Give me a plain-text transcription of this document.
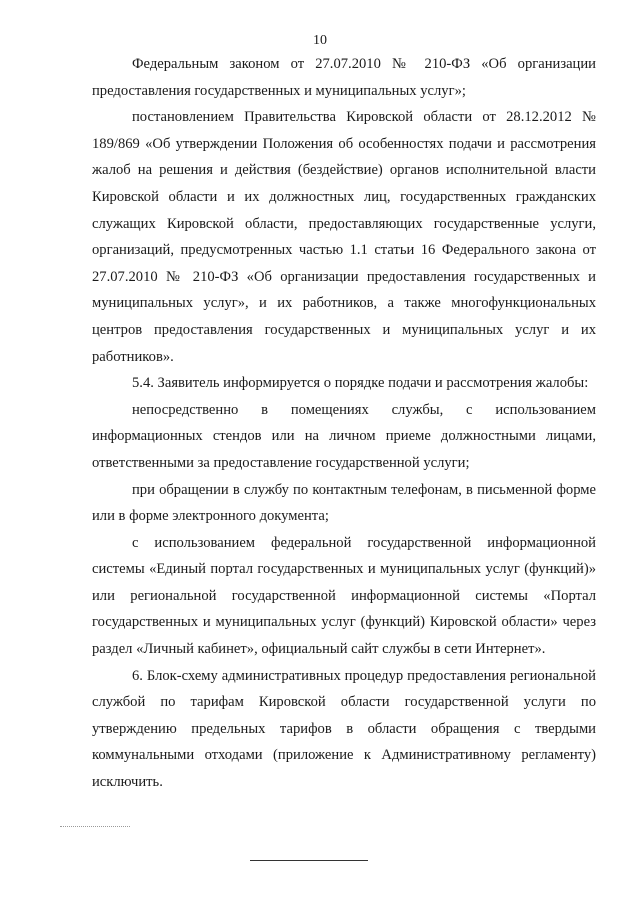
10

Федеральным законом от 27.07.2010 № 210-ФЗ «Об организации предоставления государственных и муниципальных услуг»;

постановлением Правительства Кировской области от 28.12.2012 № 189/869 «Об утверждении Положения об особенностях подачи и рассмотрения жалоб на решения и действия (бездействие) органов исполнительной власти Кировской области и их должностных лиц, государственных гражданских служащих Кировской области, предоставляющих государственные услуги, организаций, предусмотренных частью 1.1 статьи 16 Федерального закона от 27.07.2010 № 210-ФЗ «Об организации предоставления государственных и муниципальных услуг», и их работников, а также многофункциональных центров предоставления государственных и муниципальных услуг и их работников».

5.4. Заявитель информируется о порядке подачи и рассмотрения жалобы:

непосредственно в помещениях службы, с использованием информационных стендов или на личном приеме должностными лицами, ответственными за предоставление государственной услуги;

при обращении в службу по контактным телефонам, в письменной форме или в форме электронного документа;

с использованием федеральной государственной информационной системы «Единый портал государственных и муниципальных услуг (функций)» или региональной государственной информационной системы «Портал государственных и муниципальных услуг (функций) Кировской области» через раздел «Личный кабинет», официальный сайт службы в сети Интернет».

6. Блок-схему административных процедур предоставления региональной службой по тарифам Кировской области государственной услуги по утверждению предельных тарифов в области обращения с твердыми коммунальными отходами (приложение к Административному регламенту) исключить.
